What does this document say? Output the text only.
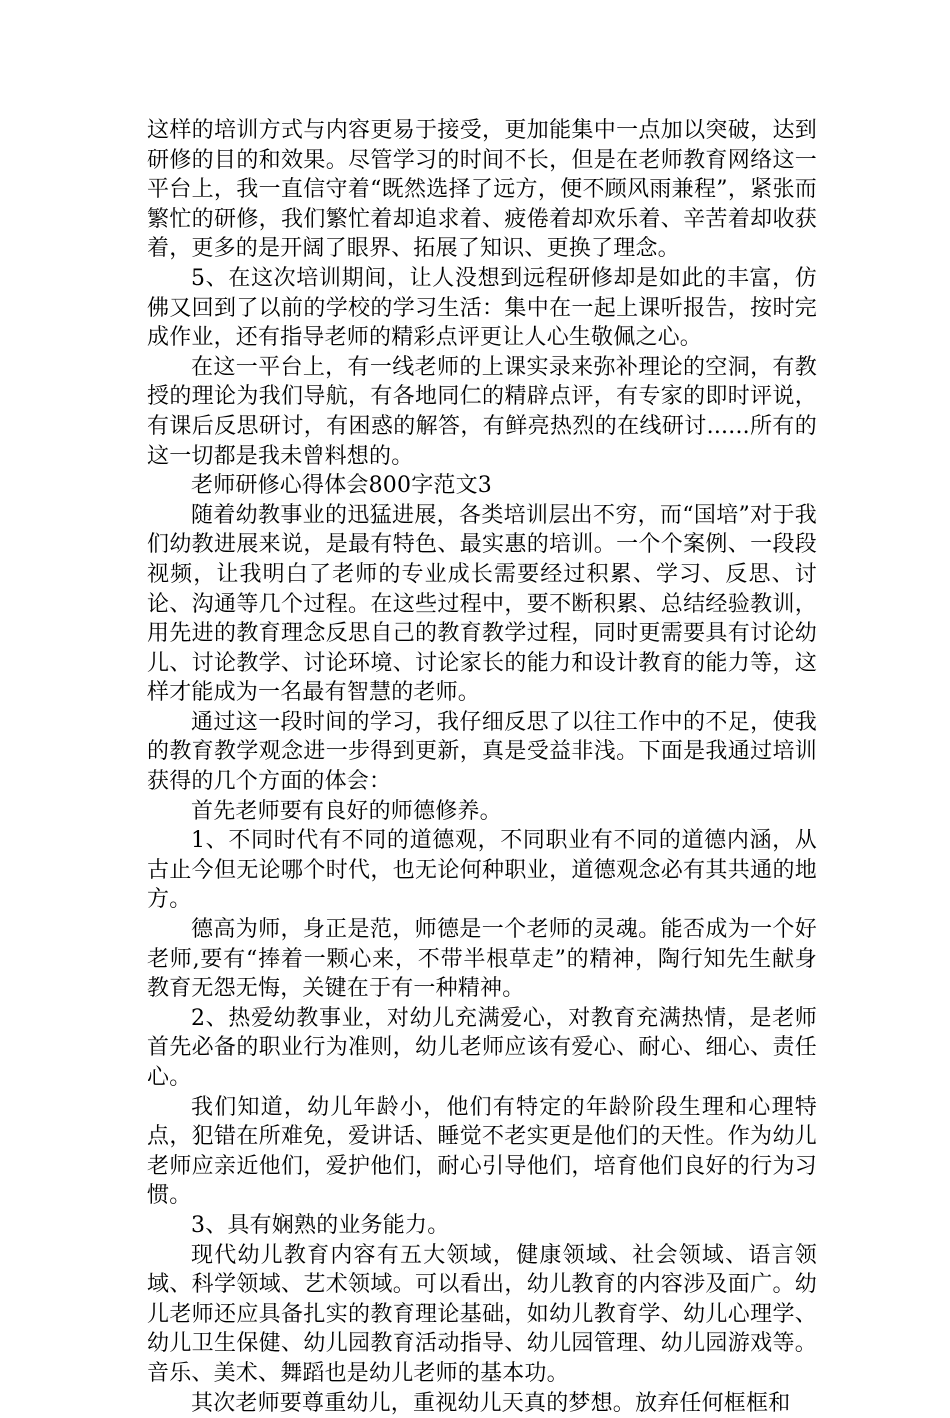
这样的培训方式与内容更易于接受，更加能集中一点加以突破，达到研修的目的和效果。尽管学习的时间不长，但是在老师教育网络这一平台上，我一直信守着“既然选择了远方，便不顾风雨兼程”，紧张而繁忙的研修，我们繁忙着却追求着、疲倦着却欢乐着、辛苦着却收获着，更多的是开阔了眼界、拓展了知识、更换了理念。

5、在这次培训期间，让人没想到远程研修却是如此的丰富，仿佛又回到了以前的学校的学习生活：集中在一起上课听报告，按时完成作业，还有指导老师的精彩点评更让人心生敬佩之心。

在这一平台上，有一线老师的上课实录来弥补理论的空洞，有教授的理论为我们导航，有各地同仁的精辟点评，有专家的即时评说，有课后反思研讨，有困惑的解答，有鲜亮热烈的在线研讨......所有的这一切都是我未曾料想的。

老师研修心得体会800字范文3

随着幼教事业的迅猛进展，各类培训层出不穷，而“国培”对于我们幼教进展来说，是最有特色、最实惠的培训。一个个案例、一段段视频，让我明白了老师的专业成长需要经过积累、学习、反思、讨论、沟通等几个过程。在这些过程中，要不断积累、总结经验教训，用先进的教育理念反思自己的教育教学过程，同时更需要具有讨论幼儿、讨论教学、讨论环境、讨论家长的能力和设计教育的能力等，这样才能成为一名最有智慧的老师。

通过这一段时间的学习，我仔细反思了以往工作中的不足，使我的教育教学观念进一步得到更新，真是受益非浅。下面是我通过培训获得的几个方面的体会：

首先老师要有良好的师德修养。

1、不同时代有不同的道德观，不同职业有不同的道德内涵，从古止今但无论哪个时代，也无论何种职业，道德观念必有其共通的地方。

德高为师，身正是范，师德是一个老师的灵魂。能否成为一个好老师,要有“捧着一颗心来，不带半根草走”的精神，陶行知先生献身教育无怨无悔，关键在于有一种精神。

2、热爱幼教事业，对幼儿充满爱心，对教育充满热情，是老师首先必备的职业行为准则，幼儿老师应该有爱心、耐心、细心、责任心。

我们知道，幼儿年龄小，他们有特定的年龄阶段生理和心理特点，犯错在所难免，爱讲话、睡觉不老实更是他们的天性。作为幼儿老师应亲近他们，爱护他们，耐心引导他们，培育他们良好的行为习惯。

3、具有娴熟的业务能力。

现代幼儿教育内容有五大领域，健康领域、社会领域、语言领域、科学领域、艺术领域。可以看出，幼儿教育的内容涉及面广。幼儿老师还应具备扎实的教育理论基础，如幼儿教育学、幼儿心理学、幼儿卫生保健、幼儿园教育活动指导、幼儿园管理、幼儿园游戏等。音乐、美术、舞蹈也是幼儿老师的基本功。

其次老师要尊重幼儿，重视幼儿天真的梦想。放弃任何框框和
